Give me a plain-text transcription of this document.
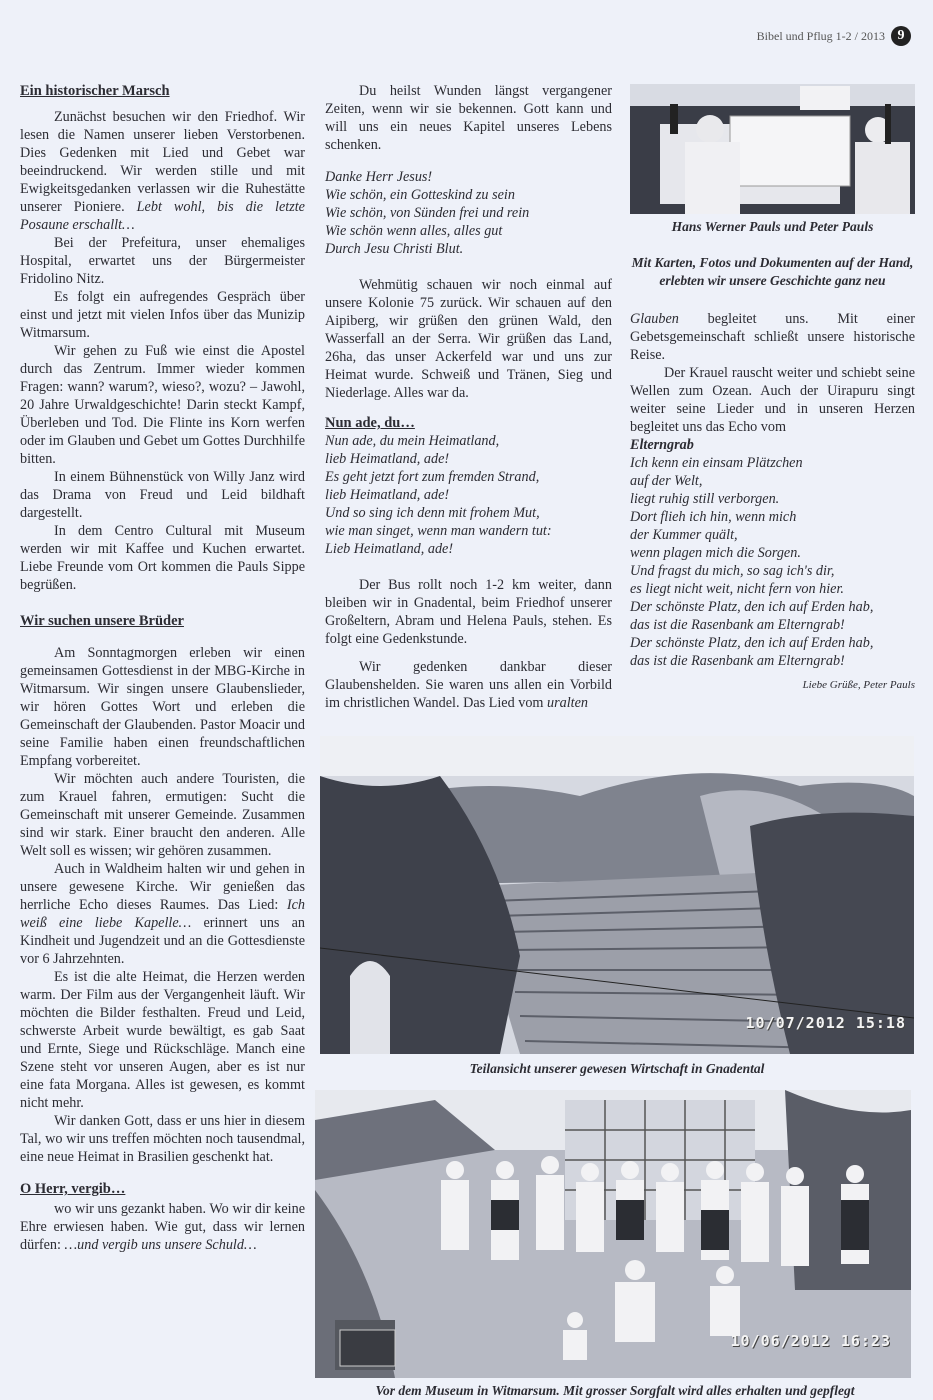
Bibel und Pflug 1-2 / 2013 9
Ein historischer Marsch

Zunächst besuchen wir den Friedhof. Wir lesen die Namen unserer lieben Verstorbenen. Dies Gedenken mit Lied und Gebet war beeindruckend. Wir werden stille und mit Ewigkeitsgedanken verlassen wir die Ruhestätte unserer Pioniere. Lebt wohl, bis die letzte Posaune erschallt…

Bei der Prefeitura, unser ehemaliges Hospital, erwartet uns der Bürgermeister Fridolino Nitz.

Es folgt ein aufregendes Gespräch über einst und jetzt mit vielen Infos über das Munizip Witmarsum.

Wir gehen zu Fuß wie einst die Apostel durch das Zentrum. Immer wieder kommen Fragen: wann? warum?, wieso?, wozu? – Jawohl, 20 Jahre Urwaldgeschichte! Darin steckt Kampf, Überleben und Tod. Die Flinte ins Korn werfen oder im Glauben und Gebet um Gottes Durchhilfe bitten.

In einem Bühnenstück von Willy Janz wird das Drama von Freud und Leid bildhaft dargestellt.

In dem Centro Cultural mit Museum werden wir mit Kaffee und Kuchen erwartet. Liebe Freunde vom Ort kommen die Pauls Sippe begrüßen.

Wir suchen unsere Brüder

Am Sonntagmorgen erleben wir einen gemeinsamen Gottesdienst in der MBG-Kirche in Witmarsum. Wir singen unsere Glaubenslieder, wir hören Gottes Wort und erleben die Gemeinschaft der Glaubenden. Pastor Moacir und seine Familie haben einen freundschaftlichen Empfang vorbereitet.

Wir möchten auch andere Touristen, die zum Krauel fahren, ermutigen: Sucht die Gemeinschaft mit unserer Gemeinde. Zusammen sind wir stark. Einer braucht den anderen. Alle Welt soll es wissen; wir gehören zusammen.

Auch in Waldheim halten wir und gehen in unsere gewesene Kirche. Wir genießen das herrliche Echo dieses Raumes. Das Lied: Ich weiß eine liebe Kapelle… erinnert uns an Kindheit und Jugendzeit und an die Gottesdienste vor 6 Jahrzehnten.

Es ist die alte Heimat, die Herzen werden warm. Der Film aus der Vergangenheit läuft. Wir möchten die Bilder festhalten. Freud und Leid, schwerste Arbeit wurde bewältigt, es gab Saat und Ernte, Siege und Rückschläge. Manch eine Szene steht vor unseren Augen, aber es ist nur eine fata Morgana. Alles ist gewesen, es kommt nicht mehr.

Wir danken Gott, dass er uns hier in diesem Tal, wo wir uns treffen möchten noch tausendmal, eine neue Heimat in Brasilien geschenkt hat.

O Herr, vergib…

wo wir uns gezankt haben. Wo wir dir keine Ehre erwiesen haben. Wie gut, dass wir lernen dürfen: …und vergib uns unsere Schuld…

Du heilst Wunden längst vergangener Zeiten, wenn wir sie bekennen. Gott kann und will uns ein neues Kapitel unseres Lebens schenken.

Danke Herr Jesus!

Wie schön, ein Gotteskind zu sein

Wie schön, von Sünden frei und rein

Wie schön wenn alles, alles gut

Durch Jesu Christi Blut.

Wehmütig schauen wir noch einmal auf unsere Kolonie 75 zurück. Wir schauen auf den Aipiberg, wir grüßen den grünen Wald, den Wasserfall an der Serra. Wir grüßen das Land, 26ha, das unser Ackerfeld war und uns zur Heimat wurde. Schweiß und Tränen, Sieg und Niederlage. Alles war da.

Nun ade, du…

Nun ade, du mein Heimatland,

lieb Heimatland, ade!

Es geht jetzt fort zum fremden Strand,

lieb Heimatland, ade!

Und so sing ich denn mit frohem Mut,

wie man singet, wenn man wandern tut:

Lieb Heimatland, ade!

Der Bus rollt noch 1-2 km weiter, dann bleiben wir in Gnadental, beim Friedhof unserer Großeltern, Abram und Helena Pauls, stehen. Es folgt eine Gedenkstunde.

Wir gedenken dankbar dieser Glaubenshelden. Sie waren uns allen ein Vorbild im christlichen Wandel. Das Lied vom uralten

Hans Werner Pauls und Peter Pauls
Mit Karten, Fotos und Dokumenten auf der Hand, erlebten wir unsere Geschichte ganz neu

Glauben begleitet uns. Mit einer Gebetsgemeinschaft schließt unsere historische Reise.

Der Krauel rauscht weiter und schiebt seine Wellen zum Ozean. Auch der Uirapuru singt weiter seine Lieder und in unseren Herzen begleitet uns das Echo vom

Elterngrab

Ich kenn ein einsam Plätzchen

auf der Welt,

liegt ruhig still verborgen.

Dort flieh ich hin, wenn mich

der Kummer quält,

wenn plagen mich die Sorgen.

Und fragst du mich, so sag ich's dir,

es liegt nicht weit, nicht fern von hier.

Der schönste Platz, den ich auf Erden hab,

das ist die Rasenbank am Elterngrab!

Der schönste Platz, den ich auf Erden hab,

das ist die Rasenbank am Elterngrab!

Liebe Grüße, Peter Pauls
10/07/2012 15:18
Teilansicht unserer gewesen Wirtschaft in Gnadental
10/06/2012 16:23
Vor dem Museum in Witmarsum. Mit grosser Sorgfalt wird alles erhalten und gepflegt
